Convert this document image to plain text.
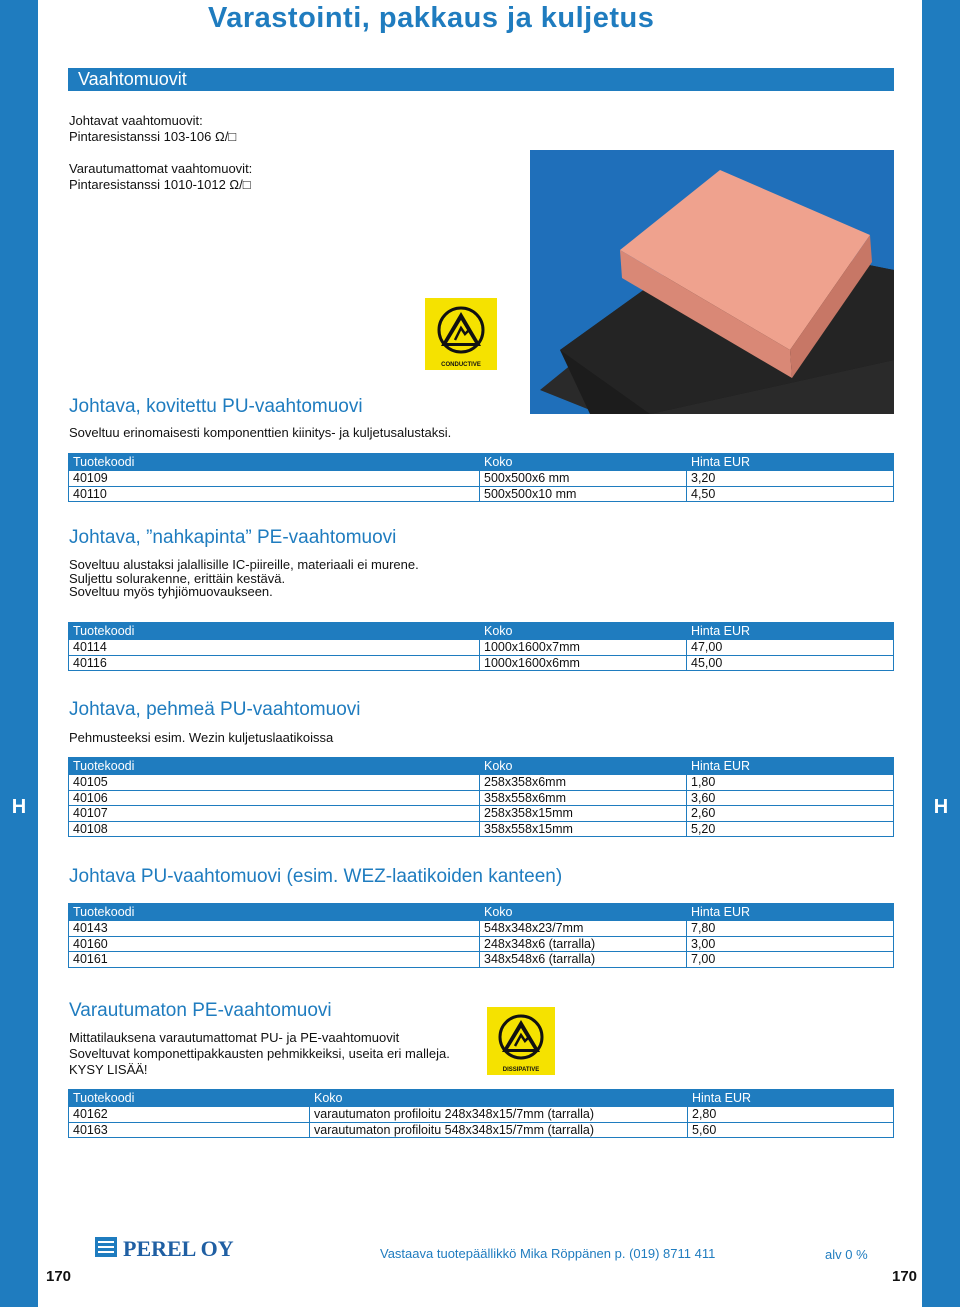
H	H
Varastointi, pakkaus ja kuljetus
Vaahtomuovit
Johtavat vaahtomuovit:
Pintaresistanssi 103-106 Ω/□
Varautumattomat vaahtomuovit:
Pintaresistanssi 1010-1012 Ω/□
CONDUCTIVE
Johtava, kovitettu PU-vaahtomuovi
Soveltuu erinomaisesti komponenttien kiinitys- ja kuljetusalustaksi.
Tuotekoodi	Koko	Hinta EUR
40109	500x500x6 mm	3,20
40110	500x500x10 mm	4,50
Johtava, ”nahkapinta” PE-vaahtomuovi
Soveltuu alustaksi jalallisille IC-piireille, materiaali ei murene.
Suljettu solurakenne, erittäin kestävä.
Soveltuu myös tyhjiömuovaukseen.
Tuotekoodi	Koko	Hinta EUR
40114	1000x1600x7mm	47,00
40116	1000x1600x6mm	45,00
Johtava, pehmeä PU-vaahtomuovi
Pehmusteeksi esim. Wezin kuljetuslaatikoissa
Tuotekoodi	Koko	Hinta EUR
40105	258x358x6mm	1,80
40106	358x558x6mm	3,60
40107	258x358x15mm	2,60
40108	358x558x15mm	5,20
Johtava PU-vaahtomuovi (esim. WEZ-laatikoiden kanteen)
Tuotekoodi	Koko	Hinta EUR
40143	548x348x23/7mm	7,80
40160	248x348x6 (tarralla)	3,00
40161	348x548x6 (tarralla)	7,00
Varautumaton PE-vaahtomuovi
Mittatilauksena varautumattomat PU- ja PE-vaahtomuovit
Soveltuvat komponettipakkausten pehmikkeiksi, useita eri malleja.
KYSY LISÄÄ!	DISSIPATIVE
Tuotekoodi	Koko	Hinta EUR
40162	varautumaton profiloitu 248x348x15/7mm (tarralla)	2,80
40163	varautumaton profiloitu 548x348x15/7mm (tarralla)	5,60
PEREL OY	Vastaava tuotepäällikkö Mika Röppänen p. (019) 8711 411	alv 0 %
170	170
